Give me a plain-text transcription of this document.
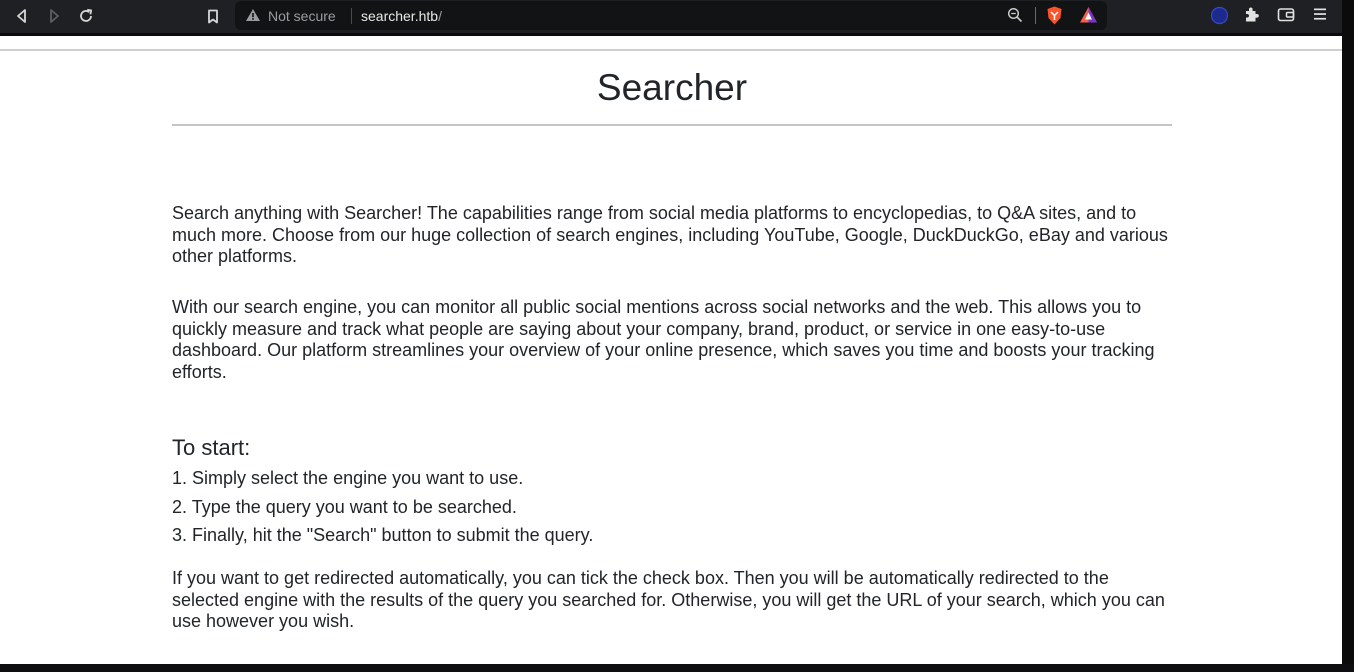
Not secure searcher.htb/
Searcher

Search anything with Searcher! The capabilities range from social media platforms to encyclopedias, to Q&A sites, and to much more. Choose from our huge collection of search engines, including YouTube, Google, DuckDuckGo, eBay and various other platforms.

With our search engine, you can monitor all public social mentions across social networks and the web. This allows you to quickly measure and track what people are saying about your company, brand, product, or service in one easy-to-use dashboard. Our platform streamlines your overview of your online presence, which saves you time and boosts your tracking efforts.

To start:

1. Simply select the engine you want to use.

2. Type the query you want to be searched.

3. Finally, hit the "Search" button to submit the query.

If you want to get redirected automatically, you can tick the check box. Then you will be automatically redirected to the selected engine with the results of the query you searched for. Otherwise, you will get the URL of your search, which you can use however you wish.
